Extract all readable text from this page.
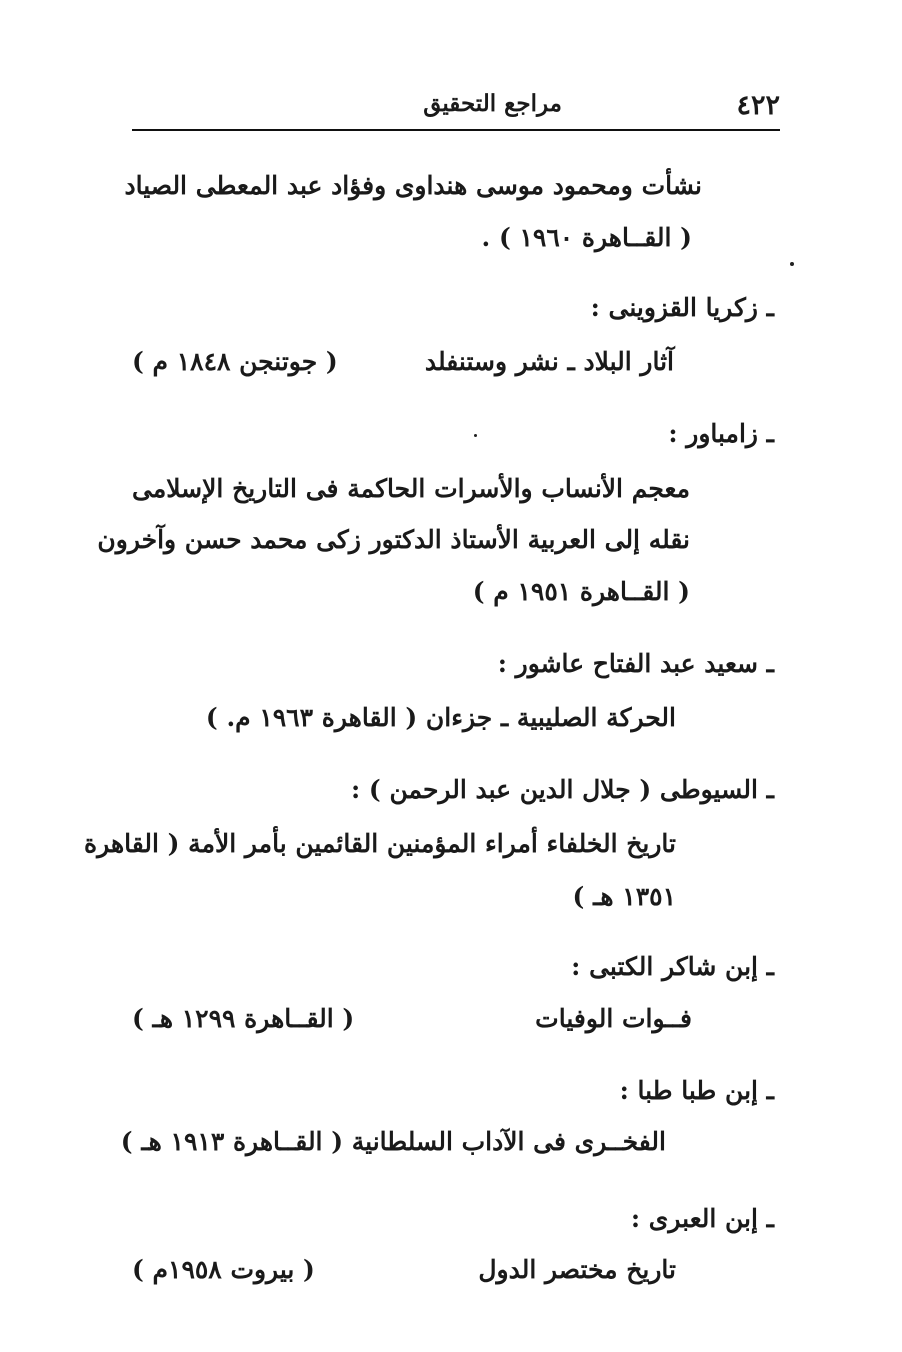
٤٢٢
مراجع التحقيق
نشأت ومحمود موسى هنداوى وفؤاد عبد المعطى الصياد
( القــاهرة ١٩٦٠ ) .
ـ زكريا القزوينى :
آثار البلاد ـ نشر وستنفلد
( جوتنجن ١٨٤٨ م )
ـ زامباور :
معجم الأنساب والأسرات الحاكمة فى التاريخ الإسلامى
نقله إلى العربية الأستاذ الدكتور زكى محمد حسن وآخرون
( القــاهرة ١٩٥١ م )
ـ سعيد عبد الفتاح عاشور :
الحركة الصليبية ـ جزءان ( القاهرة ١٩٦٣ م. )
ـ السيوطى ( جلال الدين عبد الرحمن ) :
تاريخ الخلفاء أمراء المؤمنين القائمين بأمر الأمة ( القاهرة
١٣٥١ هـ )
ـ إبن شاكر الكتبى :
فــوات الوفيات
( القــاهرة ١٢٩٩ هـ )
ـ إبن طبا طبا :
الفخــرى فى الآداب السلطانية ( القــاهرة ١٩١٣ هـ )
ـ إبن العبرى :
تاريخ مختصر الدول
( بيروت ١٩٥٨م )
